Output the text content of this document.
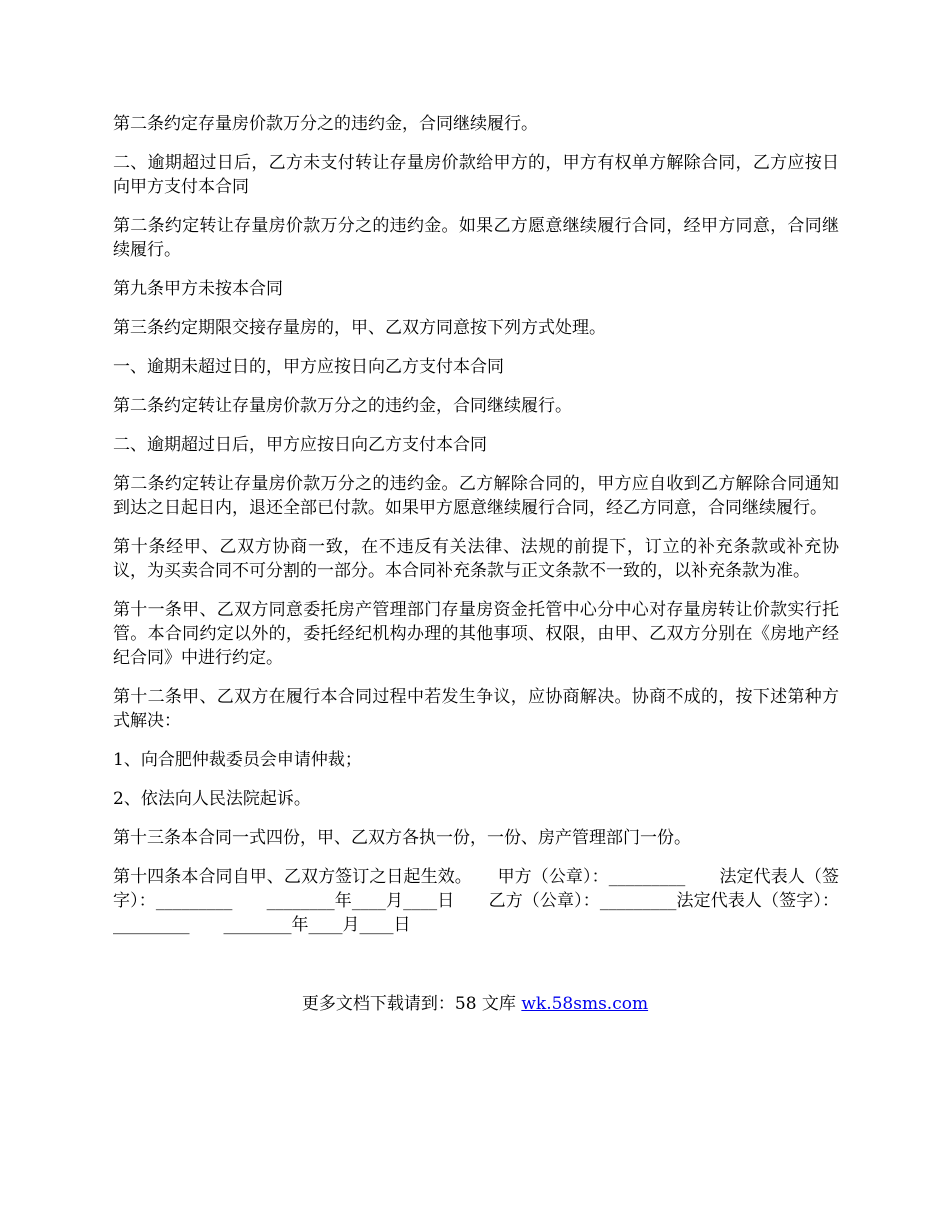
第二条约定存量房价款万分之的违约金，合同继续履行。

二、逾期超过日后，乙方未支付转让存量房价款给甲方的，甲方有权单方解除合同，乙方应按日向甲方支付本合同

第二条约定转让存量房价款万分之的违约金。如果乙方愿意继续履行合同，经甲方同意，合同继续履行。

第九条甲方未按本合同

第三条约定期限交接存量房的，甲、乙双方同意按下列方式处理。

一、逾期未超过日的，甲方应按日向乙方支付本合同

第二条约定转让存量房价款万分之的违约金，合同继续履行。

二、逾期超过日后，甲方应按日向乙方支付本合同

第二条约定转让存量房价款万分之的违约金。乙方解除合同的，甲方应自收到乙方解除合同通知到达之日起日内，退还全部已付款。如果甲方愿意继续履行合同，经乙方同意，合同继续履行。

第十条经甲、乙双方协商一致，在不违反有关法律、法规的前提下，订立的补充条款或补充协议，为买卖合同不可分割的一部分。本合同补充条款与正文条款不一致的，以补充条款为准。

第十一条甲、乙双方同意委托房产管理部门存量房资金托管中心分中心对存量房转让价款实行托管。本合同约定以外的，委托经纪机构办理的其他事项、权限，由甲、乙双方分别在《房地产经纪合同》中进行约定。

第十二条甲、乙双方在履行本合同过程中若发生争议，应协商解决。协商不成的，按下述第种方式解决：

1、向合肥仲裁委员会申请仲裁；

2、依法向人民法院起诉。

第十三条本合同一式四份，甲、乙双方各执一份，一份、房产管理部门一份。

第十四条本合同自甲、乙双方签订之日起生效。　　甲方（公章）：_________　　法定代表人（签字）：_________　　________年____月____日　　乙方（公章）：_________法定代表人（签字）：_________　　________年____月____日

更多文档下载请到：58 文库 wk.58sms.com
